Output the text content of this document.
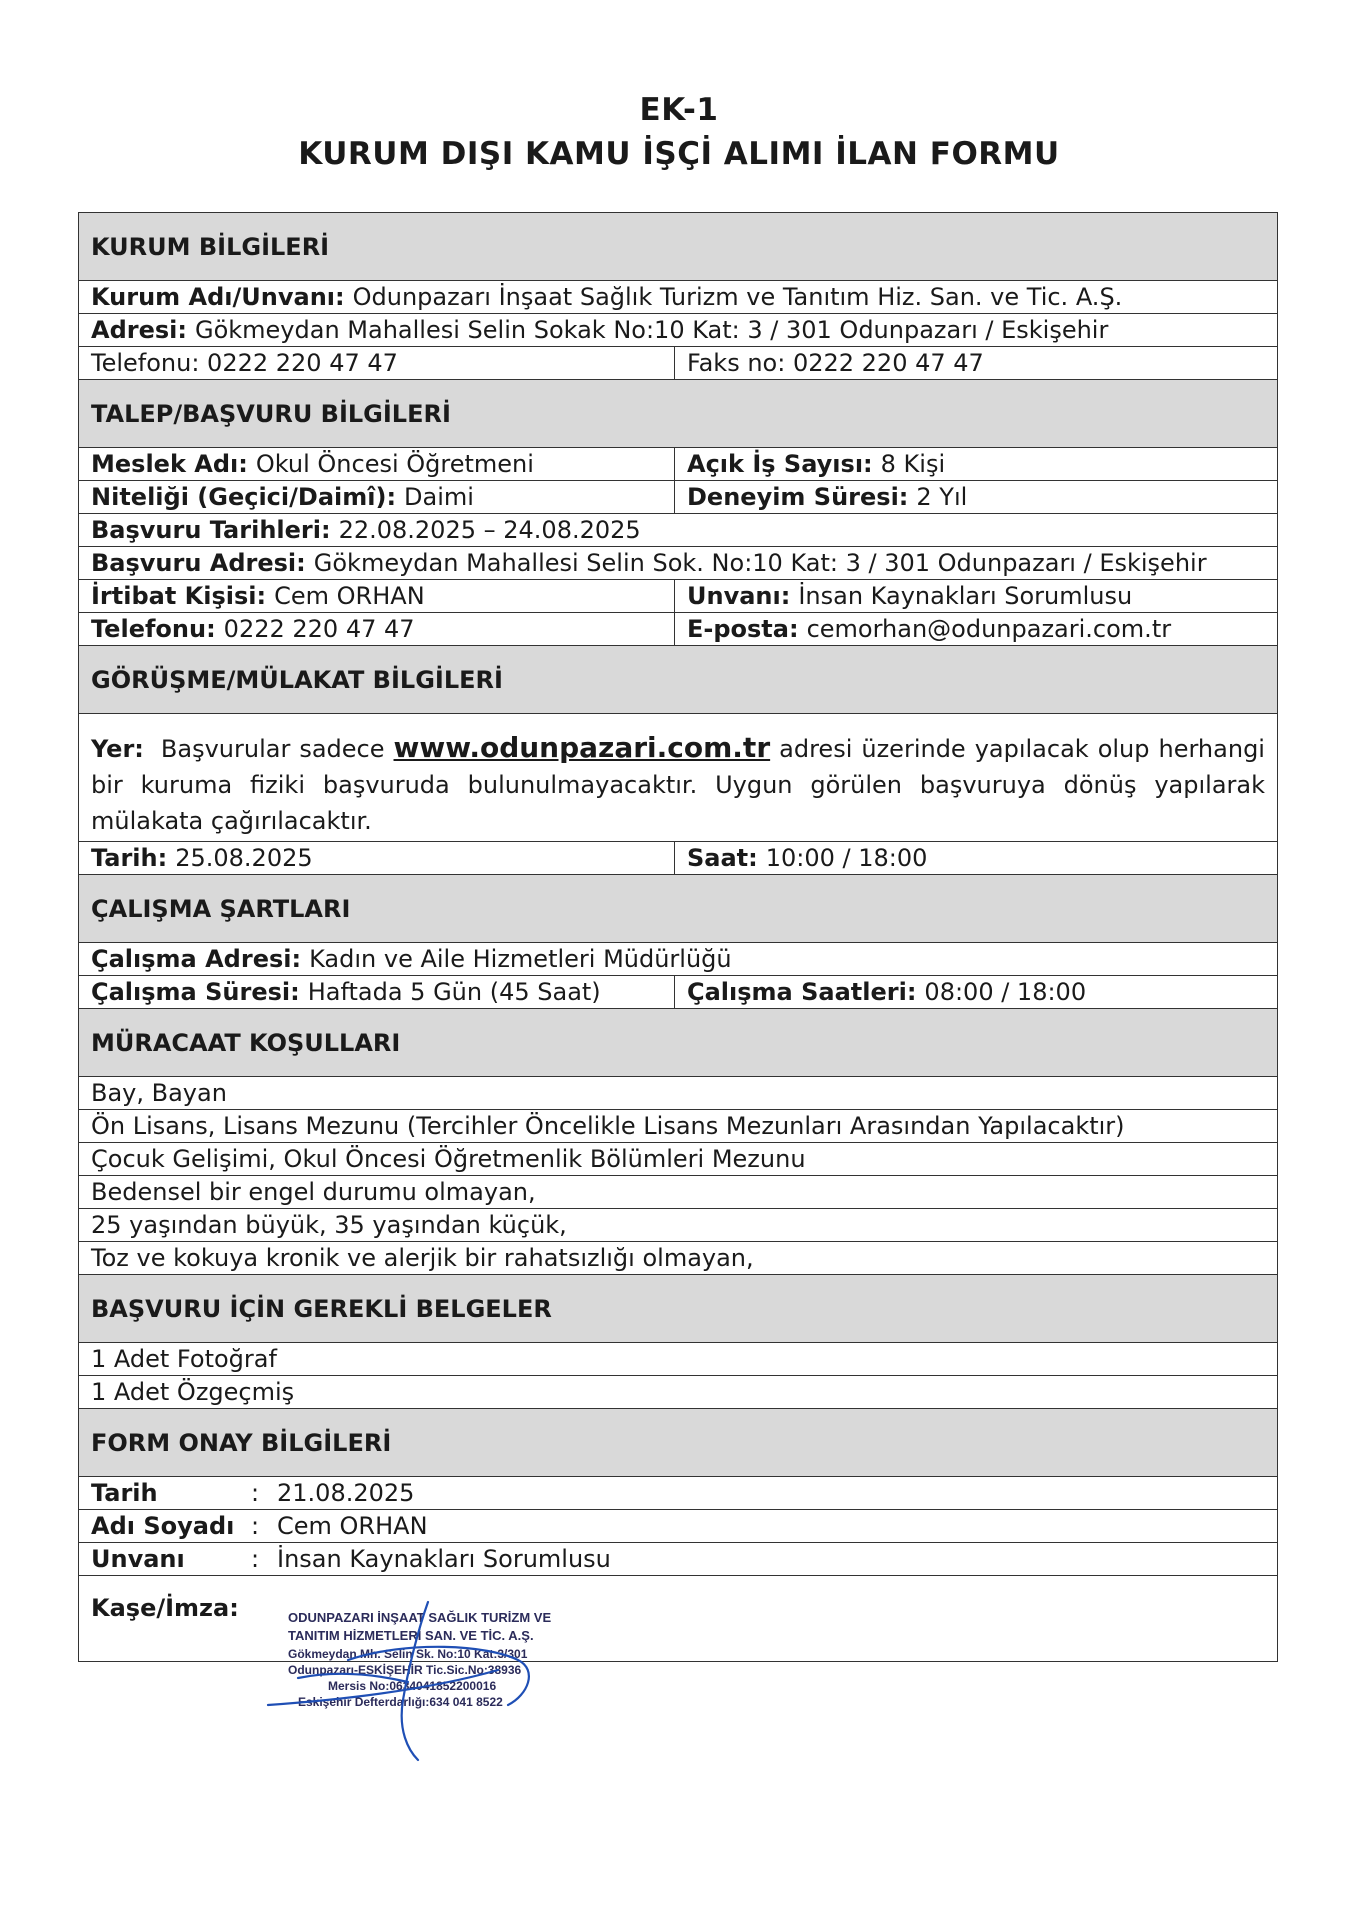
EK-1
KURUM DIŞI KAMU İŞÇİ ALIMI İLAN FORMU
KURUM BİLGİLERİ
Kurum Adı/Unvanı: Odunpazarı İnşaat Sağlık Turizm ve Tanıtım Hiz. San. ve Tic. A.Ş.
Adresi: Gökmeydan Mahallesi Selin Sokak No:10 Kat: 3 / 301 Odunpazarı / Eskişehir
Telefonu: 0222 220 47 47	Faks no: 0222 220 47 47
TALEP/BAŞVURU BİLGİLERİ
Meslek Adı: Okul Öncesi Öğretmeni	Açık İş Sayısı: 8 Kişi
Niteliği (Geçici/Daimî): Daimi	Deneyim Süresi: 2 Yıl
Başvuru Tarihleri: 22.08.2025 – 24.08.2025
Başvuru Adresi: Gökmeydan Mahallesi Selin Sok. No:10 Kat: 3 / 301 Odunpazarı / Eskişehir
İrtibat Kişisi: Cem ORHAN	Unvanı: İnsan Kaynakları Sorumlusu
Telefonu: 0222 220 47 47	E-posta: cemorhan@odunpazari.com.tr
GÖRÜŞME/MÜLAKAT BİLGİLERİ
Yer: Başvurular sadece www.odunpazari.com.tr adresi üzerinde yapılacak olup herhangi bir kuruma fiziki başvuruda bulunulmayacaktır. Uygun görülen başvuruya dönüş yapılarak mülakata çağırılacaktır.
Tarih: 25.08.2025	Saat: 10:00 / 18:00
ÇALIŞMA ŞARTLARI
Çalışma Adresi: Kadın ve Aile Hizmetleri Müdürlüğü
Çalışma Süresi: Haftada 5 Gün (45 Saat)	Çalışma Saatleri: 08:00 / 18:00
MÜRACAAT KOŞULLARI
Bay, Bayan
Ön Lisans, Lisans Mezunu (Tercihler Öncelikle Lisans Mezunları Arasından Yapılacaktır)
Çocuk Gelişimi, Okul Öncesi Öğretmenlik Bölümleri Mezunu
Bedensel bir engel durumu olmayan,
25 yaşından büyük, 35 yaşından küçük,
Toz ve kokuya kronik ve alerjik bir rahatsızlığı olmayan,
BAŞVURU İÇİN GEREKLİ BELGELER
1 Adet Fotoğraf
1 Adet Özgeçmiş
FORM ONAY BİLGİLERİ
Tarih	: 21.08.2025
Adı Soyadı : Cem ORHAN
Unvanı	: İnsan Kaynakları Sorumlusu
Kaşe/İmza:	ODUNPAZARI İNŞAAT SAĞLIK TURİZM VE
TANITIM HİZMETLERİ SAN. VE TİC. A.Ş.
Gökmeydan Mh. Selin Sk. No:10 Kat:3/301
Odunpazarı-ESKİŞEHİR Tic.Sic.No:38936
Mersis No:0634041852200016
Eskişehir Defterdarlığı:634 041 8522
